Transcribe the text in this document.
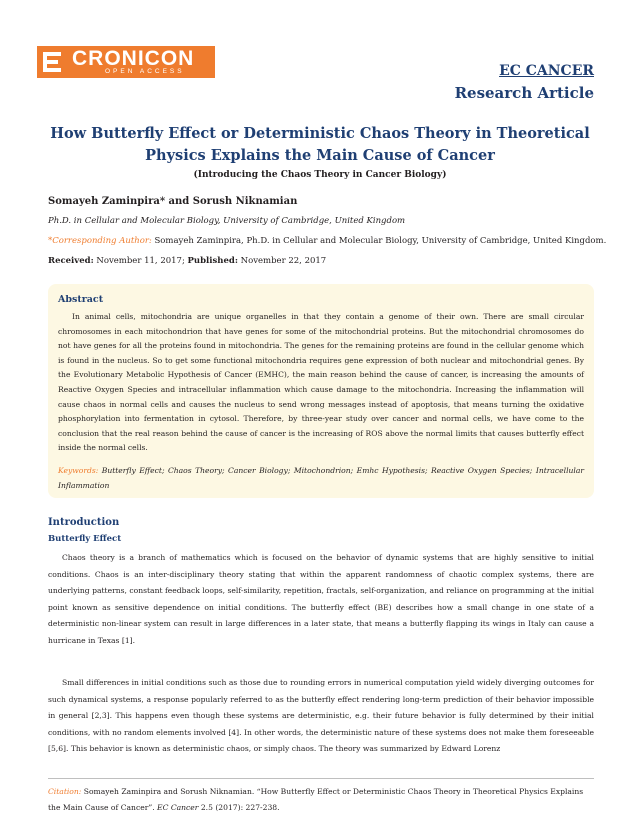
CRONICON
OPEN ACCESS	EC CANCER
Research Article
How Butterfly Effect or Deterministic Chaos Theory in Theoretical Physics Explains the Main Cause of Cancer
(Introducing the Chaos Theory in Cancer Biology)
Somayeh Zaminpira* and Sorush Niknamian
Ph.D. in Cellular and Molecular Biology, University of Cambridge, United Kingdom
*Corresponding Author: Somayeh Zaminpira, Ph.D. in Cellular and Molecular Biology, University of Cambridge, United Kingdom.
Received: November 11, 2017; Published: November 22, 2017
Abstract

In animal cells, mitochondria are unique organelles in that they contain a genome of their own. There are small circular chromosomes in each mitochondrion that have genes for some of the mitochondrial proteins. But the mitochondrial chromosomes do not have genes for all the proteins found in mitochondria. The genes for the remaining proteins are found in the cellular genome which is found in the nucleus. So to get some functional mitochondria requires gene expression of both nuclear and mitochondrial genes. By the Evolutionary Metabolic Hypothesis of Cancer (EMHC), the main reason behind the cause of cancer, is increasing the amounts of Reactive Oxygen Species and intracellular inflammation which cause damage to the mitochondria. Increasing the inflammation will cause chaos in normal cells and causes the nucleus to send wrong messages instead of apoptosis, that means turning the oxidative phosphorylation into fermentation in cytosol. Therefore, by three-year study over cancer and normal cells, we have come to the conclusion that the real reason behind the cause of cancer is the increasing of ROS above the normal limits that causes butterfly effect inside the normal cells.

Keywords: Butterfly Effect; Chaos Theory; Cancer Biology; Mitochondrion; Emhc Hypothesis; Reactive Oxygen Species; Intracellular Inflammation
Introduction
Butterfly Effect

Chaos theory is a branch of mathematics which is focused on the behavior of dynamic systems that are highly sensitive to initial conditions. Chaos is an inter-disciplinary theory stating that within the apparent randomness of chaotic complex systems, there are underlying patterns, constant feedback loops, self-similarity, repetition, fractals, self-organization, and reliance on programming at the initial point known as sensitive dependence on initial conditions. The butterfly effect (BE) describes how a small change in one state of a deterministic non-linear system can result in large differences in a later state, that means a butterfly flapping its wings in Italy can cause a hurricane in Texas [1].

Small differences in initial conditions such as those due to rounding errors in numerical computation yield widely diverging outcomes for such dynamical systems, a response popularly referred to as the butterfly effect rendering long-term prediction of their behavior impossible in general [2,3]. This happens even though these systems are deterministic, e.g. their future behavior is fully determined by their initial conditions, with no random elements involved [4]. In other words, the deterministic nature of these systems does not make them foreseeable [5,6]. This behavior is known as deterministic chaos, or simply chaos. The theory was summarized by Edward Lorenz

Citation: Somayeh Zaminpira and Sorush Niknamian. “How Butterfly Effect or Deterministic Chaos Theory in Theoretical Physics Explains the Main Cause of Cancer”. EC Cancer 2.5 (2017): 227-238.
